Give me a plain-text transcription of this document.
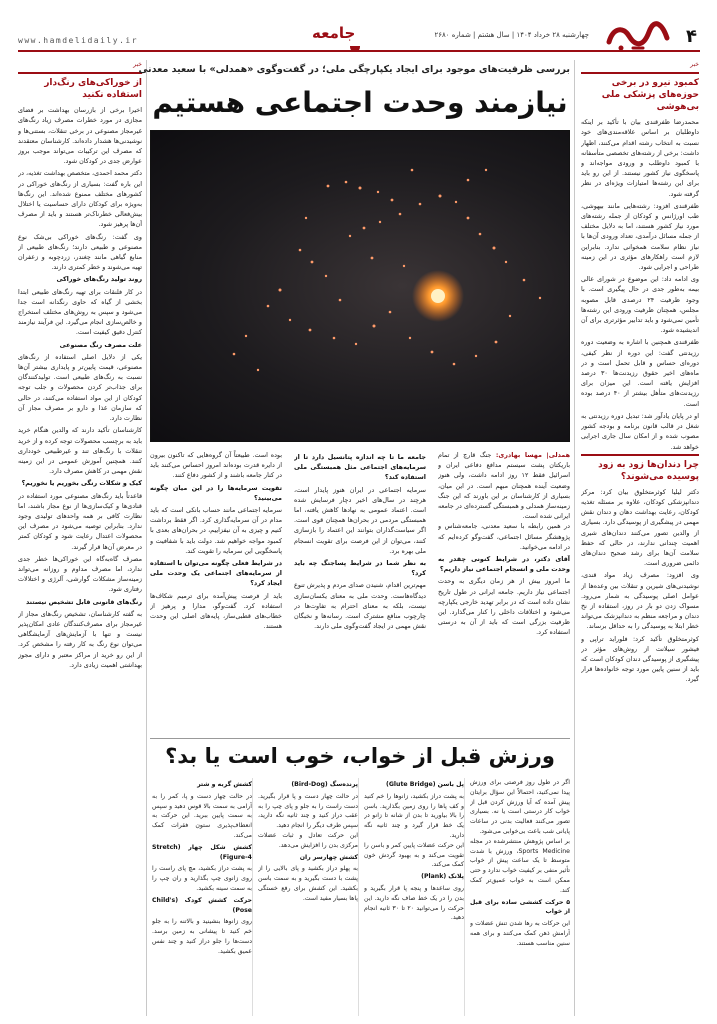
۴
چهارشنبه ۲۸ خرداد ۱۴۰۴ | سال هشتم | شماره ۲۶۸۰
جامعه
www.hamdelidaily.ir
خبر
کمبود نیرو در برخی حوزه‌های پزشکی ملی بی‌هوشی

محمدرضا ظفرقندی بیان با تأکید بر اینکه داوطلبان بر اساس علاقه‌مندی‌های خود نسبت به انتخاب رشته اقدام می‌کنند، اظهار داشت: برخی از رشته‌های تخصصی متأسفانه با کمبود داوطلب و ورودی مواجه‌اند و پاسخگوی نیاز کشور نیستند. از این رو باید برای این رشته‌ها امتیازات ویژه‌ای در نظر گرفته شود.

ظفرقندی افزود: رشته‌هایی مانند بیهوشی، طب اورژانس و کودکان از جمله رشته‌های مورد نیاز کشور هستند، اما به دلایل مختلف از جمله مسائل درآمدی، تعداد ورودی آن‌ها با نیاز نظام سلامت همخوانی ندارد. بنابراین لازم است راهکارهای مؤثری در این زمینه طراحی و اجرایی شود.

وی ادامه داد: این موضوع در شورای عالی بیمه به‌طور جدی در حال پیگیری است. با وجود ظرفیت ۲۴ درصدی قابل مصوبه مجلس، همچنان ظرفیت ورودی این رشته‌ها تأمین نمی‌شود و باید تدابیر مؤثرتری برای آن اندیشیده شود.

ظفرقندی همچنین با اشاره به وضعیت دوره رزیدنتی گفت: این دوره از نظر کیفی، دوره‌ای حساس و قابل تحمل است و در ماه‌های اخیر حقوق رزیدنت‌ها ۳۰ درصد افزایش یافته است. این میزان برای رزیدنت‌های متأهل بیشتر از ۴۰ درصد بوده است.

او در پایان یادآور شد: تبدیل دوره رزیدنتی به شغل در قالب قانون برنامه و بودجه کشور مصوب شده و از امکان سال جاری اجرایی خواهد شد.

چرا دندان‌ها زود به زود پوسیده می‌شوند؟

دکتر لیلیا کوثرمتخلوق بیان کرد: مرکز دندانپزشکی کودکان، علاوه بر مسئله تغذیه کودکان، رعایت بهداشت دهان و دندان نقش مهمی در پیشگیری از پوسیدگی دارد. بسیاری از والدین تصور می‌کنند دندان‌های شیری اهمیت چندانی ندارند، در حالی که حفظ سلامت آن‌ها برای رشد صحیح دندان‌های دائمی ضروری است.

وی افزود: مصرف زیاد مواد قندی، نوشیدنی‌های شیرین و تنقلات بین وعده‌ها از عوامل اصلی پوسیدگی به شمار می‌رود. مسواک زدن دو بار در روز، استفاده از نخ دندان و مراجعه منظم به دندانپزشک می‌تواند خطر ابتلا به پوسیدگی را به حداقل برساند.

کوثرمتخلوق تأکید کرد: فلوراید تراپی و فیشور سیلانت از روش‌های مؤثر در پیشگیری از پوسیدگی دندان کودکان است که باید از سنین پایین مورد توجه خانواده‌ها قرار گیرد.

خبر
از خوراکی‌های رنگ‌دار استفاده نکنید

اخیرا برخی از بازرسان بهداشت بر فضای مجازی در مورد خطرات مصرف زیاد رنگ‌های غیرمجاز مصنوعی در برخی تنقلات، بستنی‌ها و نوشیدنی‌ها هشدار داده‌اند. کارشناسان معتقدند که مصرف این ترکیبات می‌تواند موجب بروز عوارض جدی در کودکان شود.

دکتر محمد احمدی، متخصص بهداشت تغذیه، در این باره گفت: بسیاری از رنگ‌های خوراکی در کشورهای مختلف ممنوع شده‌اند. این رنگ‌ها به‌ویژه برای کودکان دارای حساسیت یا اختلال بیش‌فعالی خطرناک‌تر هستند و باید از مصرف آن‌ها پرهیز شود.

وی گفت: رنگ‌های خوراکی بی‌شک نوع مصنوعی و طبیعی دارند؛ رنگ‌های طبیعی از منابع گیاهی مانند چغندر، زردچوبه و زعفران تهیه می‌شوند و خطر کمتری دارند.

روند تولید رنگ‌های خوراکی

در کار فلنقات برای تهیه رنگ‌های طبیعی ابتدا بخشی از گیاه که حاوی رنگدانه است جدا می‌شود و سپس به روش‌های مختلف استخراج و خالص‌سازی انجام می‌گیرد. این فرآیند نیازمند کنترل دقیق کیفیت است.

علت مصرف رنگ مصنوعی

یکی از دلایل اصلی استفاده از رنگ‌های مصنوعی، قیمت پایین‌تر و پایداری بیشتر آن‌ها نسبت به رنگ‌های طبیعی است. تولیدکنندگان برای جذاب‌تر کردن محصولات و جلب توجه کودکان از این مواد استفاده می‌کنند، در حالی که سازمان غذا و دارو بر مصرف مجاز آن نظارت دارد.

کارشناسان تأکید دارند که والدین هنگام خرید باید به برچسب محصولات توجه کرده و از خرید تنقلات با رنگ‌های تند و غیرطبیعی خودداری کنند. همچنین آموزش عمومی در این زمینه نقش مهمی در کاهش مصرف دارد.

کیک و شکلات رنگی بخوریم یا نخوریم؟

قاعدتاً باید رنگ‌های مصنوعی مورد استفاده در قنادی‌ها و کیک‌سازی‌ها از نوع مجاز باشند، اما نظارت کافی بر همه واحدهای تولیدی وجود ندارد. بنابراین توصیه می‌شود در مصرف این محصولات اعتدال رعایت شود و کودکان کمتر در معرض آن‌ها قرار گیرند.

مصرف گاه‌به‌گاه این خوراکی‌ها خطر جدی ندارد، اما مصرف مداوم و روزانه می‌تواند زمینه‌ساز مشکلات گوارشی، آلرژی و اختلالات رفتاری شود.

رنگ‌های قانونی قابل تشخیص نیستند

به گفته کارشناسان، تشخیص رنگ‌های مجاز از غیرمجاز برای مصرف‌کنندگان عادی امکان‌پذیر نیست و تنها با آزمایش‌های آزمایشگاهی می‌توان نوع رنگ به کار رفته را مشخص کرد. از این رو خرید از مراکز معتبر و دارای مجوز بهداشتی اهمیت زیادی دارد.

بررسی ظرفیت‌های موجود برای ایجاد یکپارچگی ملی؛ در گفت‌وگوی «همدلی» با سعید معدنی
نیازمند وحدت اجتماعی هستیم

همدلی| مهسا بهادری: جنگ قارچ از تمام باریکتان پشت سیستم مدافع دفاعی ایران و اسرائیل فقط ۱۲ روز ادامه داشت، ولی هنوز وضعیت آینده همچنان مبهم است. در این میان، بسیاری از کارشناسان بر این باورند که این جنگ زمینه‌ساز همدلی و همبستگی گسترده‌ای در جامعه ایرانی شده است.

در همین رابطه با سعید معدنی، جامعه‌شناس و پژوهشگر مسائل اجتماعی، گفت‌وگو کرده‌ایم که در ادامه می‌خوانید.

آقای دکتر، در شرایط کنونی چقدر به وحدت ملی و انسجام اجتماعی نیاز داریم؟

ما امروز بیش از هر زمان دیگری به وحدت اجتماعی نیاز داریم. جامعه ایرانی در طول تاریخ نشان داده است که در برابر تهدید خارجی یکپارچه می‌شود و اختلافات داخلی را کنار می‌گذارد. این ظرفیت بزرگی است که باید از آن به درستی استفاده کرد.

جامعه ما تا چه اندازه پتانسیل دارد تا از سرمایه‌های اجتماعی مثل همبستگی ملی استفاده کند؟

سرمایه اجتماعی در ایران هنوز پایدار است، هرچند در سال‌های اخیر دچار فرسایش شده است. اعتماد عمومی به نهادها کاهش یافته، اما همبستگی مردمی در بحران‌ها همچنان قوی است. اگر سیاست‌گذاران بتوانند این اعتماد را بازسازی کنند، می‌توان از این فرصت برای تقویت انسجام ملی بهره برد.

به نظر شما در شرایط پساجنگ چه باید کرد؟

مهم‌ترین اقدام، شنیدن صدای مردم و پذیرش تنوع دیدگاه‌هاست. وحدت ملی به معنای یکسان‌سازی نیست، بلکه به معنای احترام به تفاوت‌ها در چارچوب منافع مشترک است. رسانه‌ها و نخبگان نقش مهمی در ایجاد گفت‌وگوی ملی دارند.

بوده است. طبیعتاً آن گروه‌هایی که تاکنون بیرون از دایره قدرت بوده‌اند امروز احساس می‌کنند باید در کنار جامعه باشند و از کشور دفاع کنند.

تقویت سرمایه‌ها را در این میان چگونه می‌بینید؟

سرمایه اجتماعی مانند حساب بانکی است که باید مدام در آن سرمایه‌گذاری کرد. اگر فقط برداشت کنیم و چیزی به آن نیفزاییم، در بحران‌های بعدی با کمبود مواجه خواهیم شد. دولت باید با شفافیت و پاسخگویی این سرمایه را تقویت کند.

در شرایط فعلی چگونه می‌توان با استفاده از سرمایه‌های اجتماعی یک وحدت ملی ایجاد کرد؟

باید از فرصت پیش‌آمده برای ترمیم شکاف‌ها استفاده کرد. گفت‌وگو، مدارا و پرهیز از خطاب‌های قطبی‌ساز، پایه‌های اصلی این وحدت هستند.

ورزش قبل از خواب، خوب است یا بد؟

اگر در طول روز فرصتی برای ورزش پیدا نمی‌کنید، احتمالاً این سؤال برایتان پیش آمده که آیا ورزش کردن قبل از خواب کار درستی است یا نه. بسیاری تصور می‌کنند فعالیت بدنی در ساعات پایانی شب باعث بی‌خوابی می‌شود.

بر اساس پژوهش منتشرشده در مجله Sports Medicine، ورزش با شدت متوسط تا یک ساعت پیش از خواب تأثیر منفی بر کیفیت خواب ندارد و حتی ممکن است به خواب عمیق‌تر کمک کند.

۵ حرکت کششی ساده برای قبل از خواب

این حرکات به رها شدن تنش عضلات و آرامش ذهن کمک می‌کنند و برای همه سنین مناسب هستند.

پل باسن (Glute Bridge)

به پشت دراز بکشید، زانوها را خم کنید و کف پاها را روی زمین بگذارید. باسن را بالا بیاورید تا بدن از شانه تا زانو در یک خط قرار گیرد و چند ثانیه نگه دارید.

این حرکت عضلات پایین کمر و باسن را تقویت می‌کند و به بهبود گردش خون کمک می‌کند.

پلانک (Plank)

روی ساعدها و پنجه پا قرار بگیرید و بدن را در یک خط صاف نگه دارید. این حرکت را می‌توانید ۲۰ تا ۳۰ ثانیه انجام دهید.

پرنده‌سگ (Bird-Dog)

در حالت چهار دست و پا قرار بگیرید. دست راست را به جلو و پای چپ را به عقب دراز کنید و چند ثانیه نگه دارید، سپس طرف دیگر را انجام دهید.

این حرکت تعادل و ثبات عضلات مرکزی بدن را افزایش می‌دهد.

کشش چهارسر ران

به پهلو دراز بکشید و پای بالایی را از پشت با دست بگیرید و به سمت باسن بکشید. این کشش برای رفع خستگی پاها بسیار مفید است.

کشش گربه و شتر

در حالت چهار دست و پا، کمر را به آرامی به سمت بالا قوس دهید و سپس به سمت پایین ببرید. این حرکت به انعطاف‌پذیری ستون فقرات کمک می‌کند.

کشش شکل چهار (Stretch Figure-4)

به پشت دراز بکشید، مچ پای راست را روی زانوی چپ بگذارید و ران چپ را به سمت سینه بکشید.

حرکت کشش کودک (Child's Pose)

روی زانوها بنشینید و بالاتنه را به جلو خم کنید تا پیشانی به زمین برسد. دست‌ها را جلو دراز کنید و چند نفس عمیق بکشید.
